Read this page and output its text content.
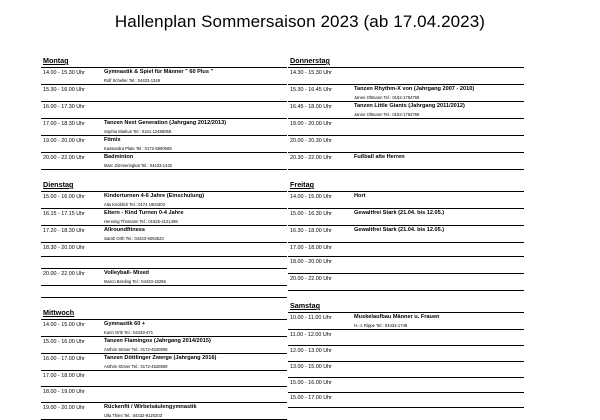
Hallenplan Sommersaison 2023 (ab 17.04.2023)
Montag
14.00 - 15.30 Uhr	Gymnastik & Spiel für Männer " 60 Plus "
Rolf Scheller Tel.: 04433-1349
15.30 - 16.00 Uhr
16.00 - 17.30 Uhr
17.00 - 18.30 Uhr	Tanzen Next Generation (Jahrgang 2012/2013)
Sophia Markus Tel.: 0151-12496056
19.00 - 20.00 Uhr	Fitmix
Kassandra Plate Tel.: 0172-5690569
20.00 - 22.00 Uhr	Badminton
Marc Zimmeringkat Tel.: 04433-1432
Dienstag
15.00 - 16.00 Uhr	Kinderturnen 4-6 Jahre (Einschulung)
Alia Knoblich Tel.: 0174 1904303
16.15 - 17.15 Uhr	Eltern - Kind Turnen 0-4 Jahre
Henning Themann Tel.: 01525-4121498
17.20 - 18.30 Uhr	Allroundfitness
Sarah Orth Tel.: 04433-9393623
18.30 - 20.00 Uhr
20.00 - 22.00 Uhr	Volleyball- Mixed
Marco Berding Tel.: 04433-18265
Mittwoch
14.00 - 15.00 Uhr	Gymnastik 60 +
Karin Orth Tel.: 04433-471
15.00 - 16.00 Uhr	Tanzen Flamingos (Jahrgang 2014/2015)
Anthrin Stöver Tel.: 0172-4520809
16.00 - 17.00 Uhr	Tanzen Döttlinger Zwerge (Jahrgang 2016)
Anthrin Stöver Tel.: 0172-4520809
17.00 - 18.00 Uhr
18.00 - 19.00 Uhr
19.00 - 20.00 Uhr	Rückenfit / Wirbelsäulengymnastik
Ulla Thien Tel.: 04432-9120203
Donnerstag
14.30 - 15.30 Uhr
15.30 - 16.45 Uhr	Tanzen Rhythm-X von (Jahrgang 2007 - 2010)
Janne Oltmann Tel.: 0162-1754768
16.45 - 18.00 Uhr	Tanzen Little Giants (Jahrgang 2011/2012)
Janne Oltmann Tel.: 0162-1754768
18.00 - 20.00 Uhr
20.00 - 20.30 Uhr
20.30 - 22.00 Uhr	Fußball alte Herren
Freitag
14.00 - 15.00 Uhr	Hort
15.00 - 16.30 Uhr	Gewaltfrei Stark (21.04. bis 12.05.)
16.30 - 18.00 Uhr	Gewaltfrei Stark (21.04. bis 12.05.)
17.00 - 18.00 Uhr
18.00 - 20.00 Uhr
20.00 - 22.00 Uhr
Samstag
10.00 - 11.00 Uhr	Muskelaufbau Männer u. Frauen
H.-J. Rippe Tel.: 04432-1748
11.00 - 12.00 Uhr
12.00 - 13.00 Uhr
13.00 - 15.00 Uhr
15.00 - 16.00 Uhr
15.00 - 17.00 Uhr
